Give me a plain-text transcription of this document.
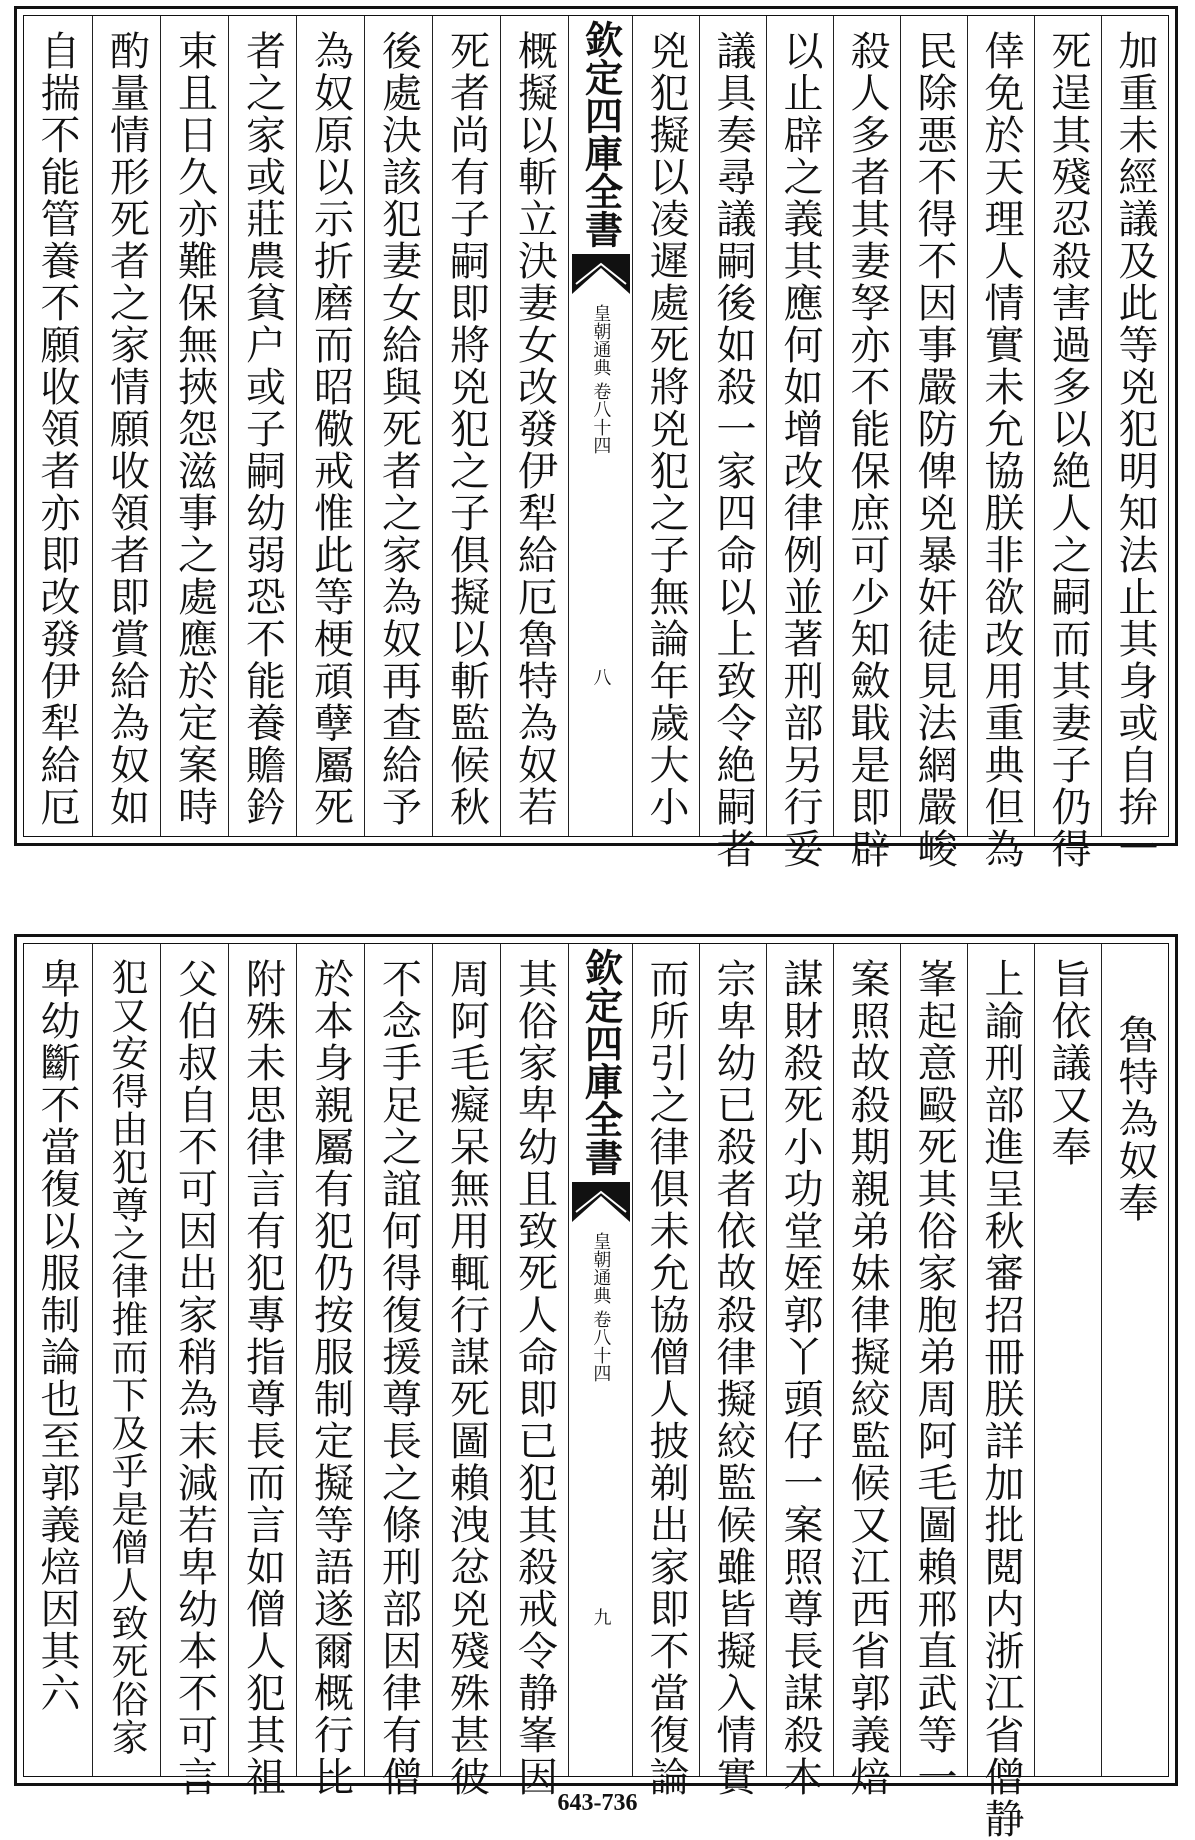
加重未經議及此等兇犯明知法止其身或自拚一
死逞其殘忍殺害過多以絶人之嗣而其妻子仍得
倖免於天理人情實未允協朕非欲改用重典但為
民除悪不得不因事嚴防俾兇暴奸徒見法網嚴峻
殺人多者其妻孥亦不能保庶可少知斂戢是即辟
以止辟之義其應何如增改律例並著刑部另行妥
議具奏尋議嗣後如殺一家四命以上致令絶嗣者
兇犯擬以凌遲處死將兇犯之子無論年歲大小
欽定四庫全書
皇朝通典
卷八十四
八
概擬以斬立決妻女改發伊犁給厄魯特為奴若
死者尚有子嗣即將兇犯之子俱擬以斬監候秋
後處決該犯妻女給與死者之家為奴再查給予
為奴原以示折磨而昭儆戒惟此等梗頑孽屬死
者之家或莊農貧户或子嗣幼弱恐不能養贍鈐
束且日久亦難保無挾怨滋事之處應於定案時
酌量情形死者之家情願收領者即賞給為奴如
自揣不能管養不願收領者亦即改發伊犁給厄
魯特為奴奉
旨依議又奉
上諭刑部進呈秋審招冊朕詳加批閲内浙江省僧静
峯起意毆死其俗家胞弟周阿毛圖賴邢直武等一
案照故殺期親弟妹律擬絞監候又江西省郭義焙
謀財殺死小功堂姪郭丫頭仔一案照尊長謀殺本
宗卑幼已殺者依故殺律擬絞監候雖皆擬入情實
而所引之律俱未允協僧人披剃出家即不當復論
欽定四庫全書
皇朝通典
卷八十四
九
其俗家卑幼且致死人命即已犯其殺戒令静峯因
周阿毛癡呆無用輒行謀死圖賴洩忿兇殘殊甚彼
不念手足之誼何得復援尊長之條刑部因律有僧
於本身親屬有犯仍按服制定擬等語遂爾概行比
附殊未思律言有犯專指尊長而言如僧人犯其祖
父伯叔自不可因出家稍為末減若卑幼本不可言
犯又安得由犯尊之律推而下及乎是僧人致死俗家
卑幼斷不當復以服制論也至郭義焙因其六
643-736
